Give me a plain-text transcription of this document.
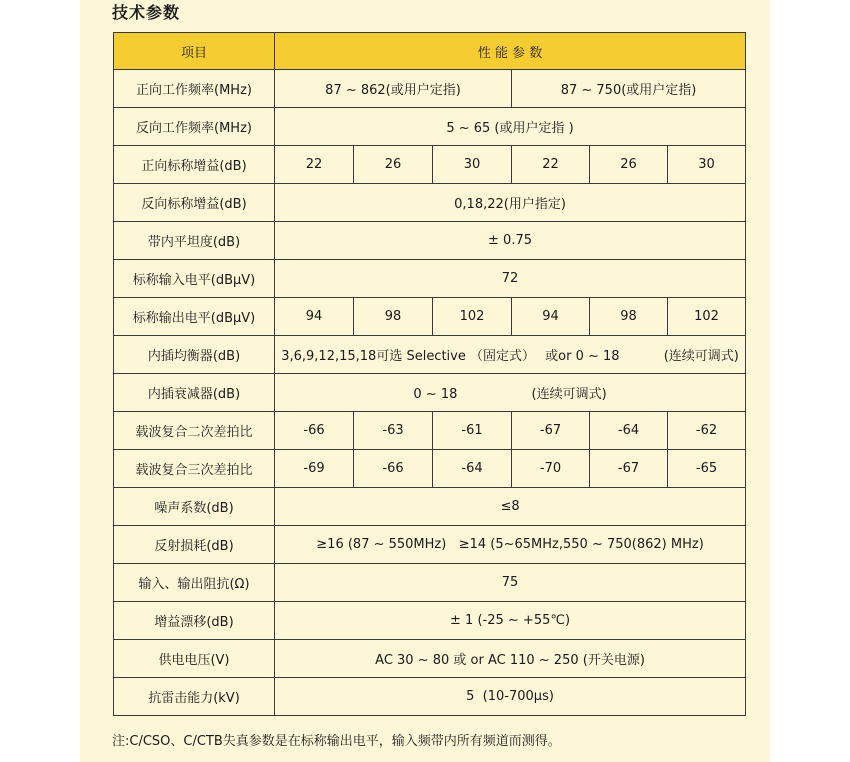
技术参数
项目	性 能 参 数					
正向工作频率(MHz)	87 ~ 862(或用户定指)			87 ~ 750(或用户定指)		
反向工作频率(MHz)	5 ~ 65 (或用户定指 )					
正向标称增益(dB)	22	26	30	22	26	30
反向标称增益(dB)	0,18,22(用户指定)					
带内平坦度(dB)	± 0.75					
标称输入电平(dBμV)	72					
标称输出电平(dBμV)	94	98	102	94	98	102
内插均衡器(dB)	3,6,9,12,15,18可选 Selective （固定式） 或or 0 ~ 18 (连续可调式)					
内插衰减器(dB)	0 ~ 18 (连续可调式)					
载波复合二次差拍比	-66	-63	-61	-67	-64	-62
载波复合三次差拍比	-69	-66	-64	-70	-67	-65
噪声系数(dB)	≤8					
反射损耗(dB)	≥16 (87 ~ 550MHz)   ≥14 (5~65MHz,550 ~ 750(862) MHz)					
输入、输出阻抗(Ω)	75					
增益漂移(dB)	± 1 (-25 ~ +55℃)					
供电电压(V)	AC 30 ~ 80 或 or AC 110 ~ 250 (开关电源)					
抗雷击能力(kV)	5  (10-700μs)					
注:C/CSO、C/CTB失真参数是在标称输出电平，输入频带内所有频道而测得。
